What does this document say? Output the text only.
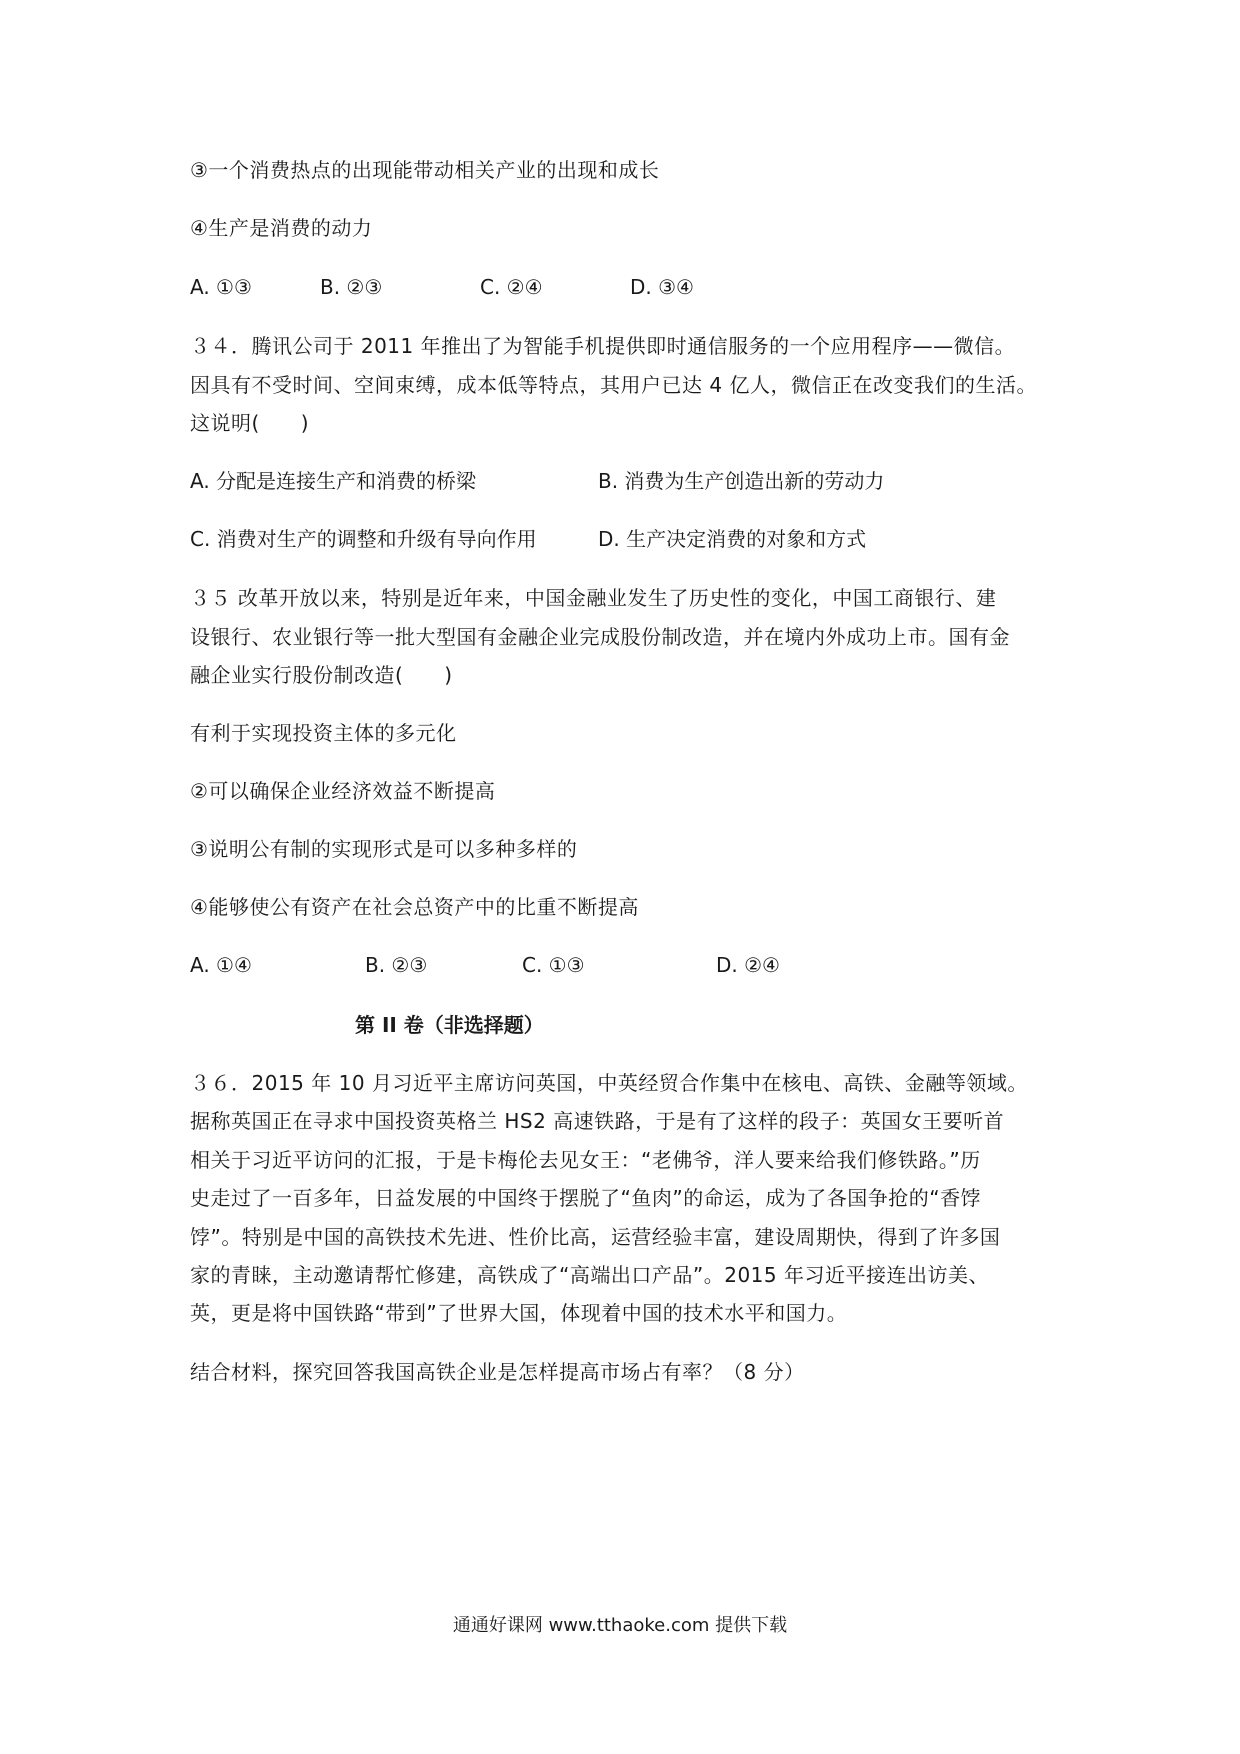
③一个消费热点的出现能带动相关产业的出现和成长
④生产是消费的动力
A. ①③	B. ②③	C. ②④	D. ③④
３４．腾讯公司于 2011 年推出了为智能手机提供即时通信服务的一个应用程序——微信。
因具有不受时间、空间束缚，成本低等特点，其用户已达 4 亿人，微信正在改变我们的生活。
这说明(　　)
A. 分配是连接生产和消费的桥梁	B. 消费为生产创造出新的劳动力
C. 消费对生产的调整和升级有导向作用	D. 生产决定消费的对象和方式
３５ 改革开放以来，特别是近年来，中国金融业发生了历史性的变化，中国工商银行、建
设银行、农业银行等一批大型国有金融企业完成股份制改造，并在境内外成功上市。国有金
融企业实行股份制改造(　　)
有利于实现投资主体的多元化
②可以确保企业经济效益不断提高
③说明公有制的实现形式是可以多种多样的
④能够使公有资产在社会总资产中的比重不断提高
A. ①④	B. ②③	C. ①③	D. ②④
第 II 卷（非选择题）
３６．2015 年 10 月习近平主席访问英国，中英经贸合作集中在核电、高铁、金融等领域。
据称英国正在寻求中国投资英格兰 HS2 高速铁路，于是有了这样的段子：英国女王要听首
相关于习近平访问的汇报，于是卡梅伦去见女王：“老佛爷，洋人要来给我们修铁路。”历
史走过了一百多年，日益发展的中国终于摆脱了“鱼肉”的命运，成为了各国争抢的“香饽
饽”。特别是中国的高铁技术先进、性价比高，运营经验丰富，建设周期快，得到了许多国
家的青睐，主动邀请帮忙修建，高铁成了“高端出口产品”。2015 年习近平接连出访美、
英，更是将中国铁路“带到”了世界大国，体现着中国的技术水平和国力。
结合材料，探究回答我国高铁企业是怎样提高市场占有率？（8 分）
通通好课网 www.tthaoke.com 提供下载
